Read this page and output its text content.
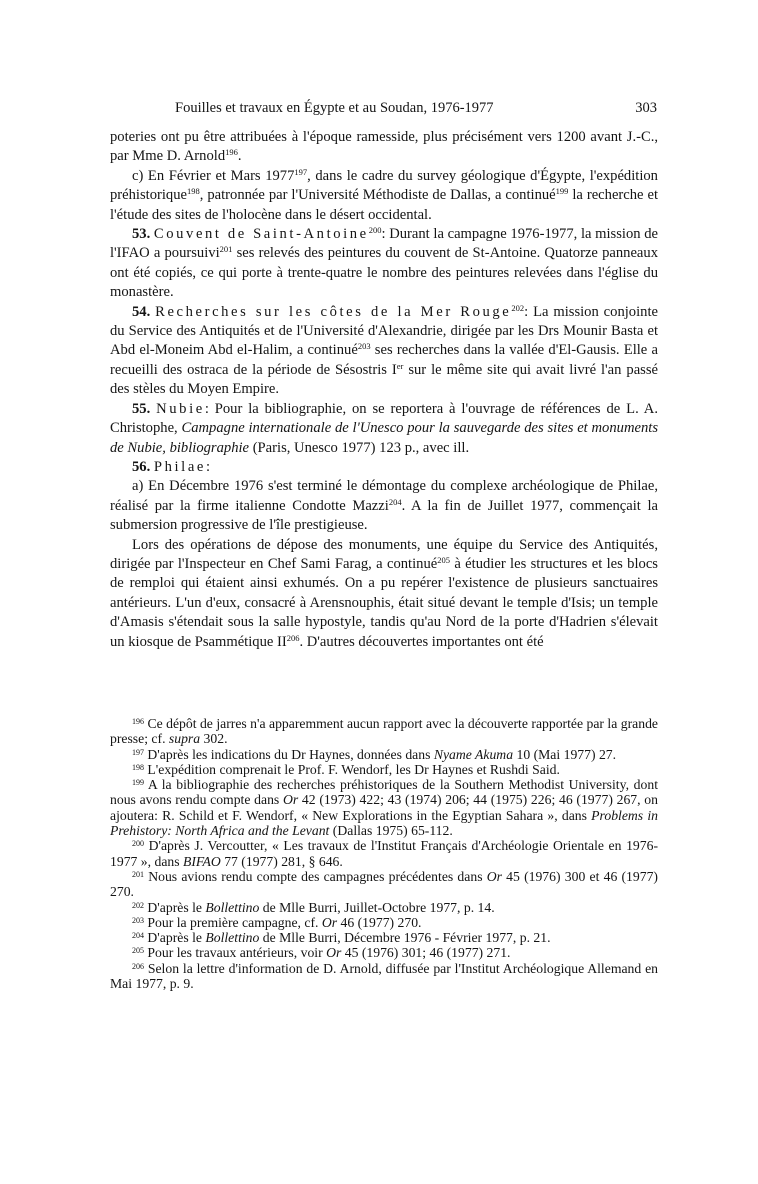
Fouilles et travaux en Égypte et au Soudan, 1976-1977	303

poteries ont pu être attribuées à l'époque ramesside, plus précisément vers 1200 avant J.-C., par Mme D. Arnold$^{196}$.

c) En Février et Mars 1977$^{197}$, dans le cadre du survey géologique d'Égypte, l'expédition préhistorique$^{198}$, patronnée par l'Université Méthodiste de Dallas, a continué$^{199}$ la recherche et l'étude des sites de l'holocène dans le désert occidental.

53. Couvent de Saint-Antoine$^{200}$: Durant la campagne 1976-1977, la mission de l'IFAO a poursuivi$^{201}$ ses relevés des peintures du couvent de St-Antoine. Quatorze panneaux ont été copiés, ce qui porte à trente-quatre le nombre des peintures relevées dans l'église du monastère.

54. Recherches sur les côtes de la Mer Rouge$^{202}$: La mission conjointe du Service des Antiquités et de l'Université d'Alexandrie, dirigée par les Drs Mounir Basta et Abd el-Moneim Abd el-Halim, a continué$^{203}$ ses recherches dans la vallée d'El-Gausis. Elle a recueilli des ostraca de la période de Sésostris Ier sur le même site qui avait livré l'an passé des stèles du Moyen Empire.

55. Nubie: Pour la bibliographie, on se reportera à l'ouvrage de références de L. A. Christophe, Campagne internationale de l'Unesco pour la sauvegarde des sites et monuments de Nubie, bibliographie (Paris, Unesco 1977) 123 p., avec ill.

56. Philae:

a) En Décembre 1976 s'est terminé le démontage du complexe archéologique de Philae, réalisé par la firme italienne Condotte Mazzi$^{204}$. A la fin de Juillet 1977, commençait la submersion progressive de l'île prestigieuse.

Lors des opérations de dépose des monuments, une équipe du Service des Antiquités, dirigée par l'Inspecteur en Chef Sami Farag, a continué$^{205}$ à étudier les structures et les blocs de remploi qui étaient ainsi exhumés. On a pu repérer l'existence de plusieurs sanctuaires antérieurs. L'un d'eux, consacré à Arensnouphis, était situé devant le temple d'Isis; un temple d'Amasis s'étendait sous la salle hypostyle, tandis qu'au Nord de la porte d'Hadrien s'élevait un kiosque de Psammétique II$^{206}$. D'autres découvertes importantes ont été

$^{196}$ Ce dépôt de jarres n'a apparemment aucun rapport avec la découverte rapportée par la grande presse; cf. supra 302.

$^{197}$ D'après les indications du Dr Haynes, données dans Nyame Akuma 10 (Mai 1977) 27.

$^{198}$ L'expédition comprenait le Prof. F. Wendorf, les Dr Haynes et Rushdi Said.

$^{199}$ A la bibliographie des recherches préhistoriques de la Southern Methodist University, dont nous avons rendu compte dans Or 42 (1973) 422; 43 (1974) 206; 44 (1975) 226; 46 (1977) 267, on ajoutera: R. Schild et F. Wendorf, « New Explorations in the Egyptian Sahara », dans Problems in Prehistory: North Africa and the Levant (Dallas 1975) 65-112.

$^{200}$ D'après J. Vercoutter, « Les travaux de l'Institut Français d'Archéologie Orientale en 1976-1977 », dans BIFAO 77 (1977) 281, § 646.

$^{201}$ Nous avions rendu compte des campagnes précédentes dans Or 45 (1976) 300 et 46 (1977) 270.

$^{202}$ D'après le Bollettino de Mlle Burri, Juillet-Octobre 1977, p. 14.

$^{203}$ Pour la première campagne, cf. Or 46 (1977) 270.

$^{204}$ D'après le Bollettino de Mlle Burri, Décembre 1976 - Février 1977, p. 21.

$^{205}$ Pour les travaux antérieurs, voir Or 45 (1976) 301; 46 (1977) 271.

$^{206}$ Selon la lettre d'information de D. Arnold, diffusée par l'Institut Archéologique Allemand en Mai 1977, p. 9.
